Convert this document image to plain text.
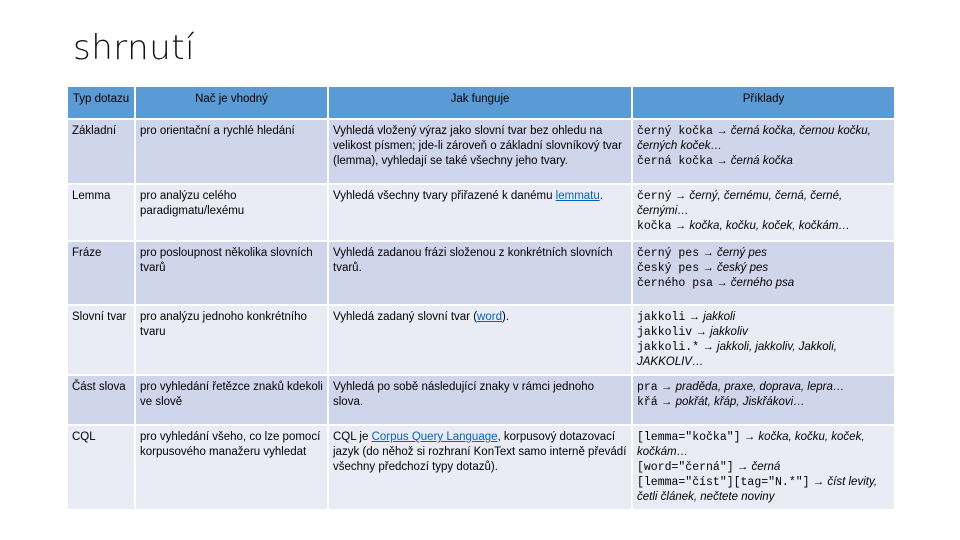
shrnutí
Typ dotazu	Nač je vhodný	Jak funguje	Příklady
Základní	pro orientační a rychlé hledání	Vyhledá vložený výraz jako slovní tvar bez ohledu na velikost písmen; jde-li zároveň o základní slovníkový tvar (lemma), vyhledají se také všechny jeho tvary.	černý kočka → černá kočka, černou kočku, černých koček…
černá kočka → černá kočka

Lemma	pro analýzu celého paradigmatu/lexému	Vyhledá všechny tvary přiřazené k danému lemmatu.	černý → černý, černému, černá, černé, černými…
kočka → kočka, kočku, koček, kočkám…

Fráze	pro posloupnost několika slovních tvarů	Vyhledá zadanou frázi složenou z konkrétních slovních tvarů.	černý pes → černý pes
český pes → český pes
černého psa → černého psa

Slovní tvar	pro analýzu jednoho konkrétního tvaru	Vyhledá zadaný slovní tvar (word).	jakkoli → jakkoli
jakkoliv → jakkoliv
jakkoli.* → jakkoli, jakkoliv, Jakkoli, JAKKOLIV…

Část slova	pro vyhledání řetězce znaků kdekoli ve slově	Vyhledá po sobě následující znaky v rámci jednoho slova.	pra → praděda, praxe, doprava, lepra…
křá → pokřát, křáp, Jiskřákovi…

CQL	pro vyhledání všeho, co lze pomocí korpusového manažeru vyhledat	CQL je Corpus Query Language, korpusový dotazovací jazyk (do něhož si rozhraní KonText samo interně převádí všechny předchozí typy dotazů).	[lemma="kočka"] → kočka, kočku, koček, kočkám…
[word="černá"] → černá
[lemma="číst"][tag="N.*"] → číst levity, četli článek, nečtete noviny
